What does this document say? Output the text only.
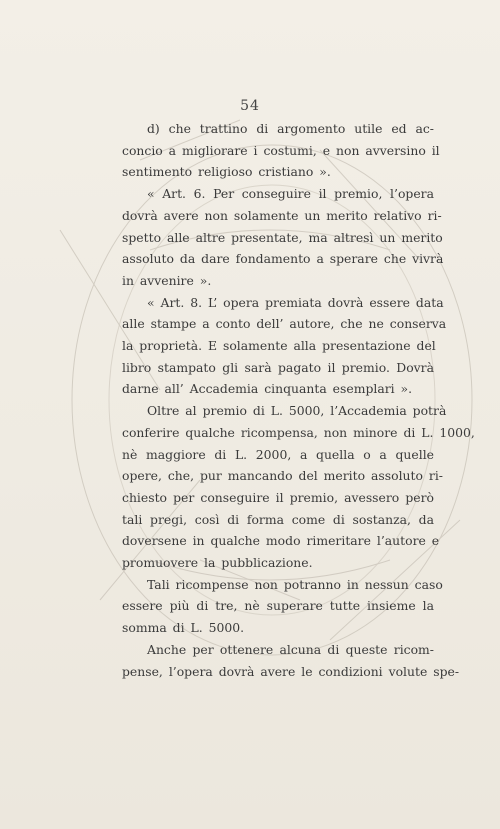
54
d) che trattino di argomento utile ed ac-
concio a migliorare i costumi, e non avversino il
sentimento religioso cristiano ».
« Art. 6. Per conseguire il premio, l’opera
dovrà avere non solamente un merito relativo ri-
spetto alle altre presentate, ma altresì un merito
assoluto da dare fondamento a sperare che vivrà
in avvenire ».
« Art. 8. L’ opera premiata dovrà essere data
alle stampe a conto dell’ autore, che ne conserva
la proprietà. E solamente alla presentazione del
libro stampato gli sarà pagato il premio. Dovrà
darne all’ Accademia cinquanta esemplari ».
Oltre al premio di L. 5000, l’Accademia potrà
conferire qualche ricompensa, non minore di L. 1000,
nè maggiore di L. 2000, a quella o a quelle
opere, che, pur mancando del merito assoluto ri-
chiesto per conseguire il premio, avessero però
tali pregi, così di forma come di sostanza, da
doversene in qualche modo rimeritare l’autore e
promuovere la pubblicazione.
Tali ricompense non potranno in nessun caso
essere più di tre, nè superare tutte insieme la
somma di L. 5000.
Anche per ottenere alcuna di queste ricom-
pense, l’opera dovrà avere le condizioni volute spe-
